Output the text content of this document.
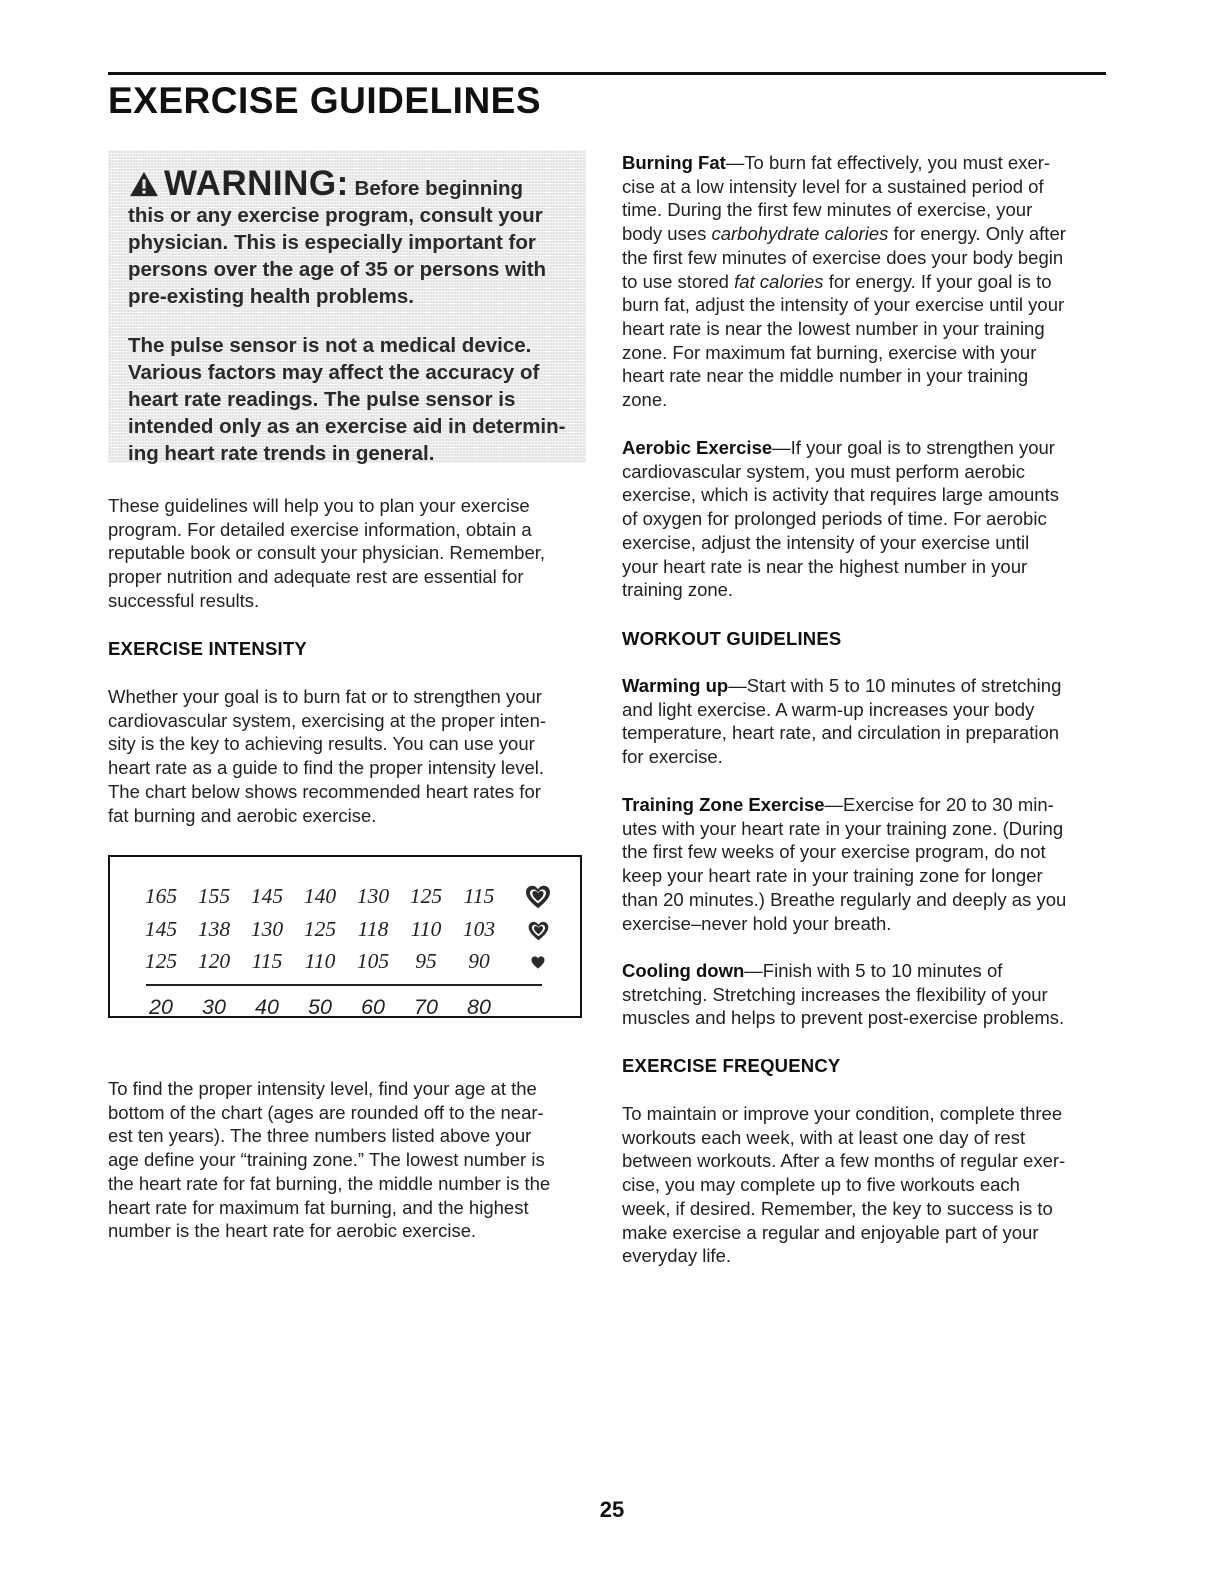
EXERCISE GUIDELINES
WARNING: Before beginning
this or any exercise program, consult your
physician. This is especially important for
persons over the age of 35 or persons with
pre-existing health problems.
The pulse sensor is not a medical device.
Various factors may affect the accuracy of
heart rate readings. The pulse sensor is
intended only as an exercise aid in determin-
ing heart rate trends in general.
These guidelines will help you to plan your exercise
program. For detailed exercise information, obtain a
reputable book or consult your physician. Remember,
proper nutrition and adequate rest are essential for
successful results.
EXERCISE INTENSITY
Whether your goal is to burn fat or to strengthen your
cardiovascular system, exercising at the proper inten-
sity is the key to achieving results. You can use your
heart rate as a guide to find the proper intensity level.
The chart below shows recommended heart rates for
fat burning and aerobic exercise.
165 155 145 140 130 125	115
145 138 130 125	118	110	103
125 120	115	110	105	95	90
20	30	40	50	60	70	80
To find the proper intensity level, find your age at the
bottom of the chart (ages are rounded off to the near-
est ten years). The three numbers listed above your
age define your “training zone.” The lowest number is
the heart rate for fat burning, the middle number is the
heart rate for maximum fat burning, and the highest
number is the heart rate for aerobic exercise.
Burning Fat—To burn fat effectively, you must exer-
cise at a low intensity level for a sustained period of
time. During the first few minutes of exercise, your
body uses carbohydrate calories for energy. Only after
the first few minutes of exercise does your body begin
to use stored fat calories for energy. If your goal is to
burn fat, adjust the intensity of your exercise until your
heart rate is near the lowest number in your training
zone. For maximum fat burning, exercise with your
heart rate near the middle number in your training
zone.
Aerobic Exercise—If your goal is to strengthen your
cardiovascular system, you must perform aerobic
exercise, which is activity that requires large amounts
of oxygen for prolonged periods of time. For aerobic
exercise, adjust the intensity of your exercise until
your heart rate is near the highest number in your
training zone.
WORKOUT GUIDELINES
Warming up—Start with 5 to 10 minutes of stretching
and light exercise. A warm-up increases your body
temperature, heart rate, and circulation in preparation
for exercise.
Training Zone Exercise—Exercise for 20 to 30 min-
utes with your heart rate in your training zone. (During
the first few weeks of your exercise program, do not
keep your heart rate in your training zone for longer
than 20 minutes.) Breathe regularly and deeply as you
exercise–never hold your breath.
Cooling down—Finish with 5 to 10 minutes of
stretching. Stretching increases the flexibility of your
muscles and helps to prevent post-exercise problems.
EXERCISE FREQUENCY
To maintain or improve your condition, complete three
workouts each week, with at least one day of rest
between workouts. After a few months of regular exer-
cise, you may complete up to five workouts each
week, if desired. Remember, the key to success is to
make exercise a regular and enjoyable part of your
everyday life.
25
